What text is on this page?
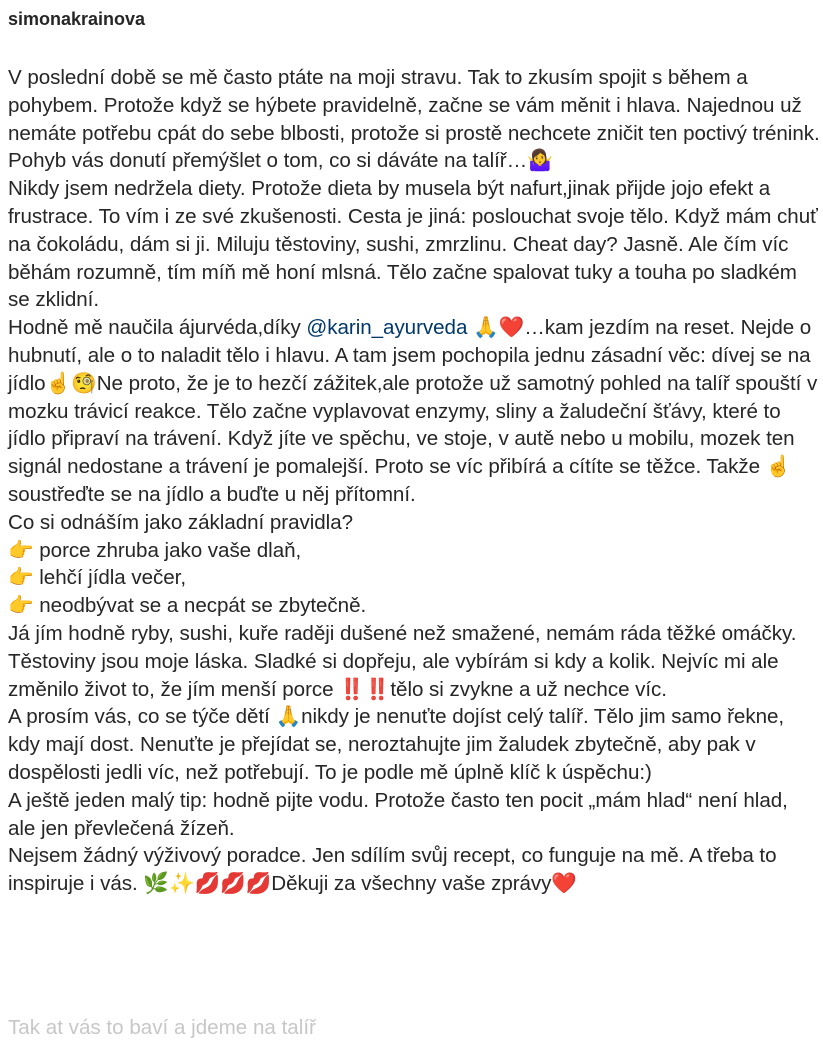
simonakrainova

V poslední době se mě často ptáte na moji stravu. Tak to zkusím spojit s během a pohybem. Protože když se hýbete pravidelně, začne se vám měnit i hlava. Najednou už nemáte potřebu cpát do sebe blbosti, protože si prostě nechcete zničit ten poctivý trénink. Pohyb vás donutí přemýšlet o tom, co si dáváte na talíř…🤷‍♀️

Nikdy jsem nedržela diety. Protože dieta by musela být nafurt,jinak přijde jojo efekt a frustrace. To vím i ze své zkušenosti. Cesta je jiná: poslouchat svoje tělo. Když mám chuť na čokoládu, dám si ji. Miluju těstoviny, sushi, zmrzlinu. Cheat day? Jasně. Ale čím víc běhám rozumně, tím míň mě honí mlsná. Tělo začne spalovat tuky a touha po sladkém se zklidní.

Hodně mě naučila ájurvéda,díky @karin_ayurveda 🙏❤️…kam jezdím na reset. Nejde o hubnutí, ale o to naladit tělo i hlavu. A tam jsem pochopila jednu zásadní věc: dívej se na jídlo☝️🧐Ne proto, že je to hezčí zážitek,ale protože už samotný pohled na talíř spouští v mozku trávicí reakce. Tělo začne vyplavovat enzymy, sliny a žaludeční šťávy, které to jídlo připraví na trávení. Když jíte ve spěchu, ve stoje, v autě nebo u mobilu, mozek ten signál nedostane a trávení je pomalejší. Proto se víc přibírá a cítíte se těžce. Takže ☝️soustřeďte se na jídlo a buďte u něj přítomní.

Co si odnáším jako základní pravidla?

👉 porce zhruba jako vaše dlaň,

👉 lehčí jídla večer,

👉 neodbývat se a necpát se zbytečně.

Já jím hodně ryby, sushi, kuře raději dušené než smažené, nemám ráda těžké omáčky. Těstoviny jsou moje láska. Sladké si dopřeju, ale vybírám si kdy a kolik. Nejvíc mi ale změnilo život to, že jím menší porce ‼️‼️tělo si zvykne a už nechce víc.

A prosím vás, co se týče dětí 🙏nikdy je nenuťte dojíst celý talíř. Tělo jim samo řekne, kdy mají dost. Nenuťte je přejídat se, neroztahujte jim žaludek zbytečně, aby pak v dospělosti jedli víc, než potřebují. To je podle mě úplně klíč k úspěchu:)

A ještě jeden malý tip: hodně pijte vodu. Protože často ten pocit „mám hlad“ není hlad, ale jen převlečená žízeň.

Nejsem žádný výživový poradce. Jen sdílím svůj recept, co funguje na mě. A třeba to inspiruje i vás. 🌿✨💋💋💋Děkuji za všechny vaše zprávy❤️

Tak at vás to baví a jdeme na talíř
